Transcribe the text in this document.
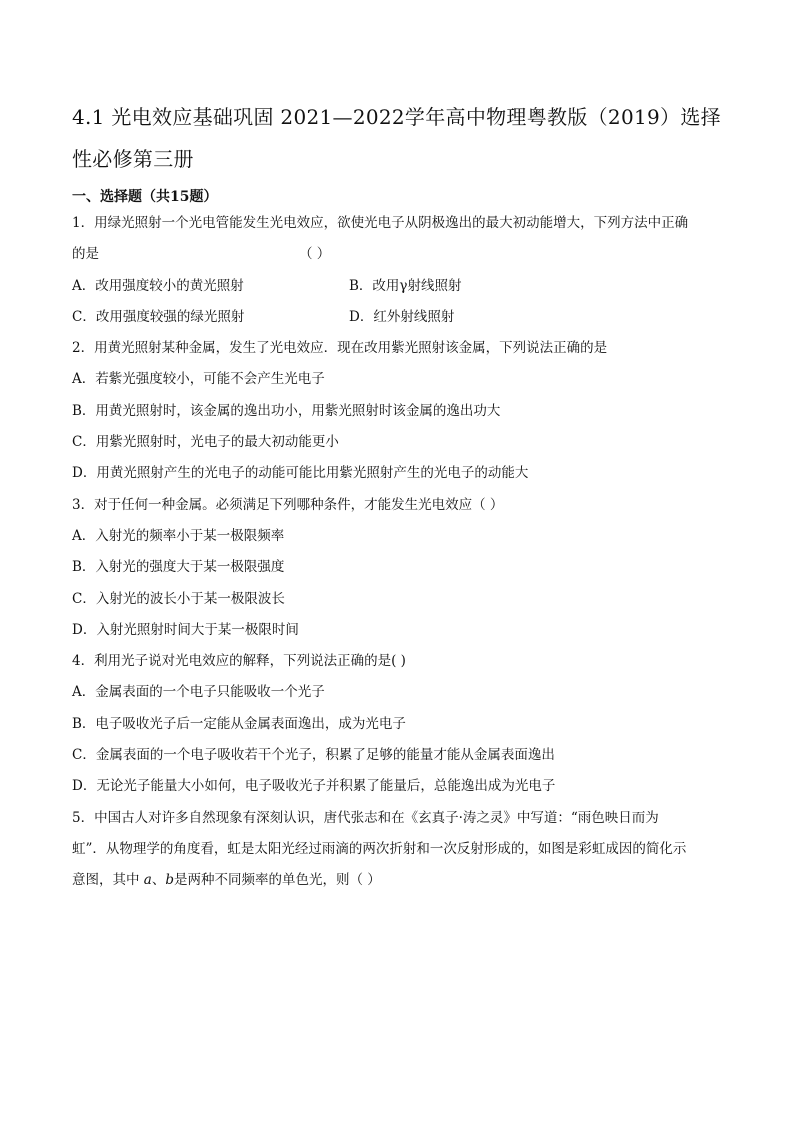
4.1 光电效应基础巩固 2021—2022学年高中物理粤教版（2019）选择
性必修第三册

一、选择题（共15题）
1．用绿光照射一个光电管能发生光电效应，欲使光电子从阴极逸出的最大初动能增大，下列方法中正确
的是	（ ）
A．改用强度较小的黄光照射	B．改用γ射线照射
C．改用强度较强的绿光照射	D．红外射线照射
2．用黄光照射某种金属，发生了光电效应．现在改用紫光照射该金属，下列说法正确的是
A．若紫光强度较小，可能不会产生光电子
B．用黄光照射时，该金属的逸出功小，用紫光照射时该金属的逸出功大
C．用紫光照射时，光电子的最大初动能更小
D．用黄光照射产生的光电子的动能可能比用紫光照射产生的光电子的动能大
3．对于任何一种金属。必须满足下列哪种条件，才能发生光电效应（ ）
A．入射光的频率小于某一极限频率
B．入射光的强度大于某一极限强度
C．入射光的波长小于某一极限波长
D．入射光照射时间大于某一极限时间
4．利用光子说对光电效应的解释，下列说法正确的是( )
A．金属表面的一个电子只能吸收一个光子
B．电子吸收光子后一定能从金属表面逸出，成为光电子
C．金属表面的一个电子吸收若干个光子，积累了足够的能量才能从金属表面逸出
D．无论光子能量大小如何，电子吸收光子并积累了能量后，总能逸出成为光电子
5．中国古人对许多自然现象有深刻认识，唐代张志和在《玄真子·涛之灵》中写道：“雨色映日而为
虹”．从物理学的角度看，虹是太阳光经过雨滴的两次折射和一次反射形成的，如图是彩虹成因的简化示
意图，其中 a、b是两种不同频率的单色光，则（ ）
